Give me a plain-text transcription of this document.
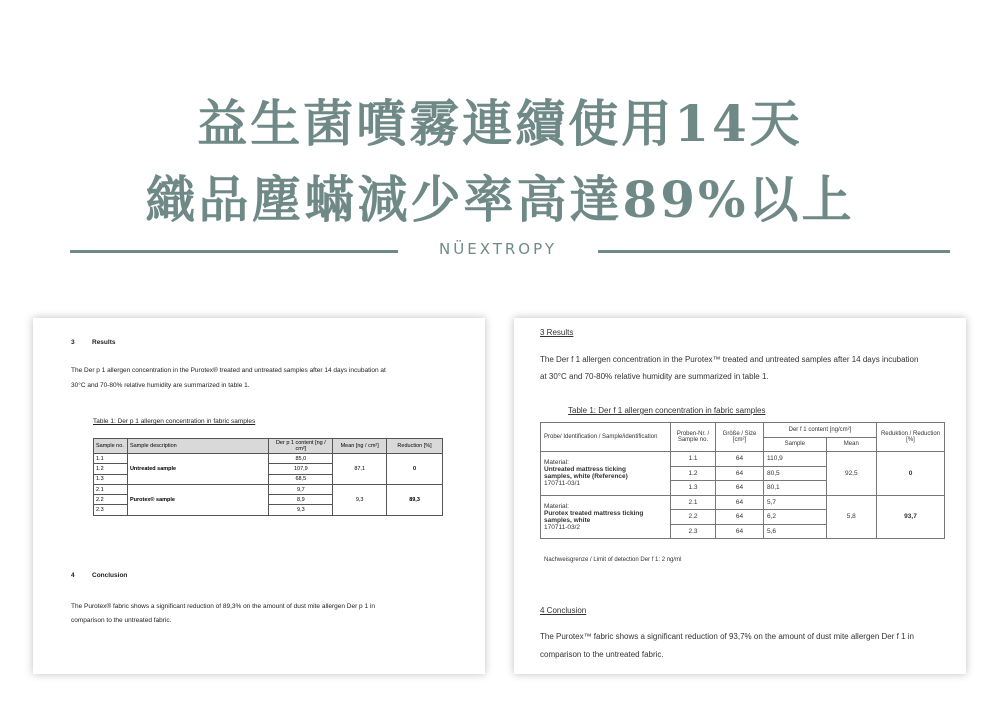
益生菌噴霧連續使用14天
織品塵蟎減少率高達89%以上
NÜEXTROPY
3	Results
The Der p 1 allergen concentration in the Purotex® treated and untreated samples after 14 days incubation at
30°C and 70-80% relative humidity are summarized in table 1.
Table 1: Der p 1 allergen concentration in fabric samples
Sample no.	Sample description	Der p 1 content [ng / cm²]	Mean [ng / cm²]	Reduction [%]
1.1	Untreated sample	85,0	87,1	0
1.2		107,9		
1.3		68,5		
2.1	Purotex® sample	9,7	9,3	89,3
2.2		8,9		
2.3		9,3		
4	Conclusion
The Purotex® fabric shows a significant reduction of 89,3% on the amount of dust mite allergen Der p 1 in
comparison to the untreated fabric.
3 Results
The Der f 1 allergen concentration in the Purotex™ treated and untreated samples after 14 days incubation
at 30°C and 70-80% relative humidity are summarized in table 1.
Table 1: Der f 1 allergen concentration in fabric samples
Probe/ Identification / Sample/identification	Proben-Nr. / Sample no.	Größe / Size [cm²]	Der f 1 content [ng/cm²]		Reduktion / Reduction [%]
			Sample	Mean	

Material:
Untreated mattress ticking
samples, white (Reference)
170711-03/1	1.1	64	110,9	92,5	0
	1.2	64	80,5		
	1.3	64	80,1		

Material:
Purotex treated mattress ticking
samples, white
170711-03/2	2.1	64	5,7	5,8	93,7
	2.2	64	6,2		
	2.3	64	5,6		
Nachweisgrenze / Limit of detection Der f 1: 2 ng/ml
4 Conclusion
The Purotex™ fabric shows a significant reduction of 93,7% on the amount of dust mite allergen Der f 1 in
comparison to the untreated fabric.
